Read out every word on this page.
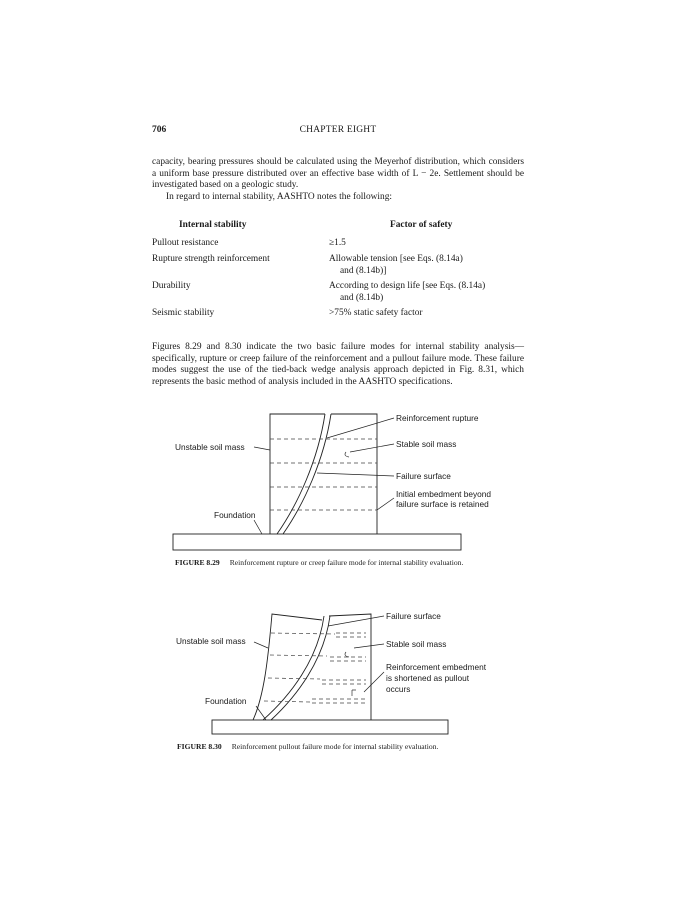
706	CHAPTER EIGHT
capacity, bearing pressures should be calculated using the Meyerhof distribution, which considers a uniform base pressure distributed over an effective base width of L − 2e. Settlement should be investigated based on a geologic study.
In regard to internal stability, AASHTO notes the following:
Internal stability	Factor of safety
Pullout resistance	≥1.5
Rupture strength reinforcement	Allowable tension [see Eqs. (8.14a)
and (8.14b)]
Durability	According to design life [see Eqs. (8.14a)
and (8.14b)
Seismic stability	>75% static safety factor
Figures 8.29 and 8.30 indicate the two basic failure modes for internal stability analysis—specifically, rupture or creep failure of the reinforcement and a pullout failure mode. These failure modes suggest the use of the tied-back wedge analysis approach depicted in Fig. 8.31, which represents the basic method of analysis included in the AASHTO specifications.
Reinforcement rupture
Stable soil mass
Unstable soil mass
Failure surface
Initial embedment beyond
failure surface is retained
Foundation
FIGURE 8.29 Reinforcement rupture or creep failure mode for internal stability evaluation.
Failure surface
Unstable soil mass	Stable soil mass
Reinforcement embedment
is shortened as pullout
occurs
Foundation
FIGURE 8.30 Reinforcement pullout failure mode for internal stability evaluation.
